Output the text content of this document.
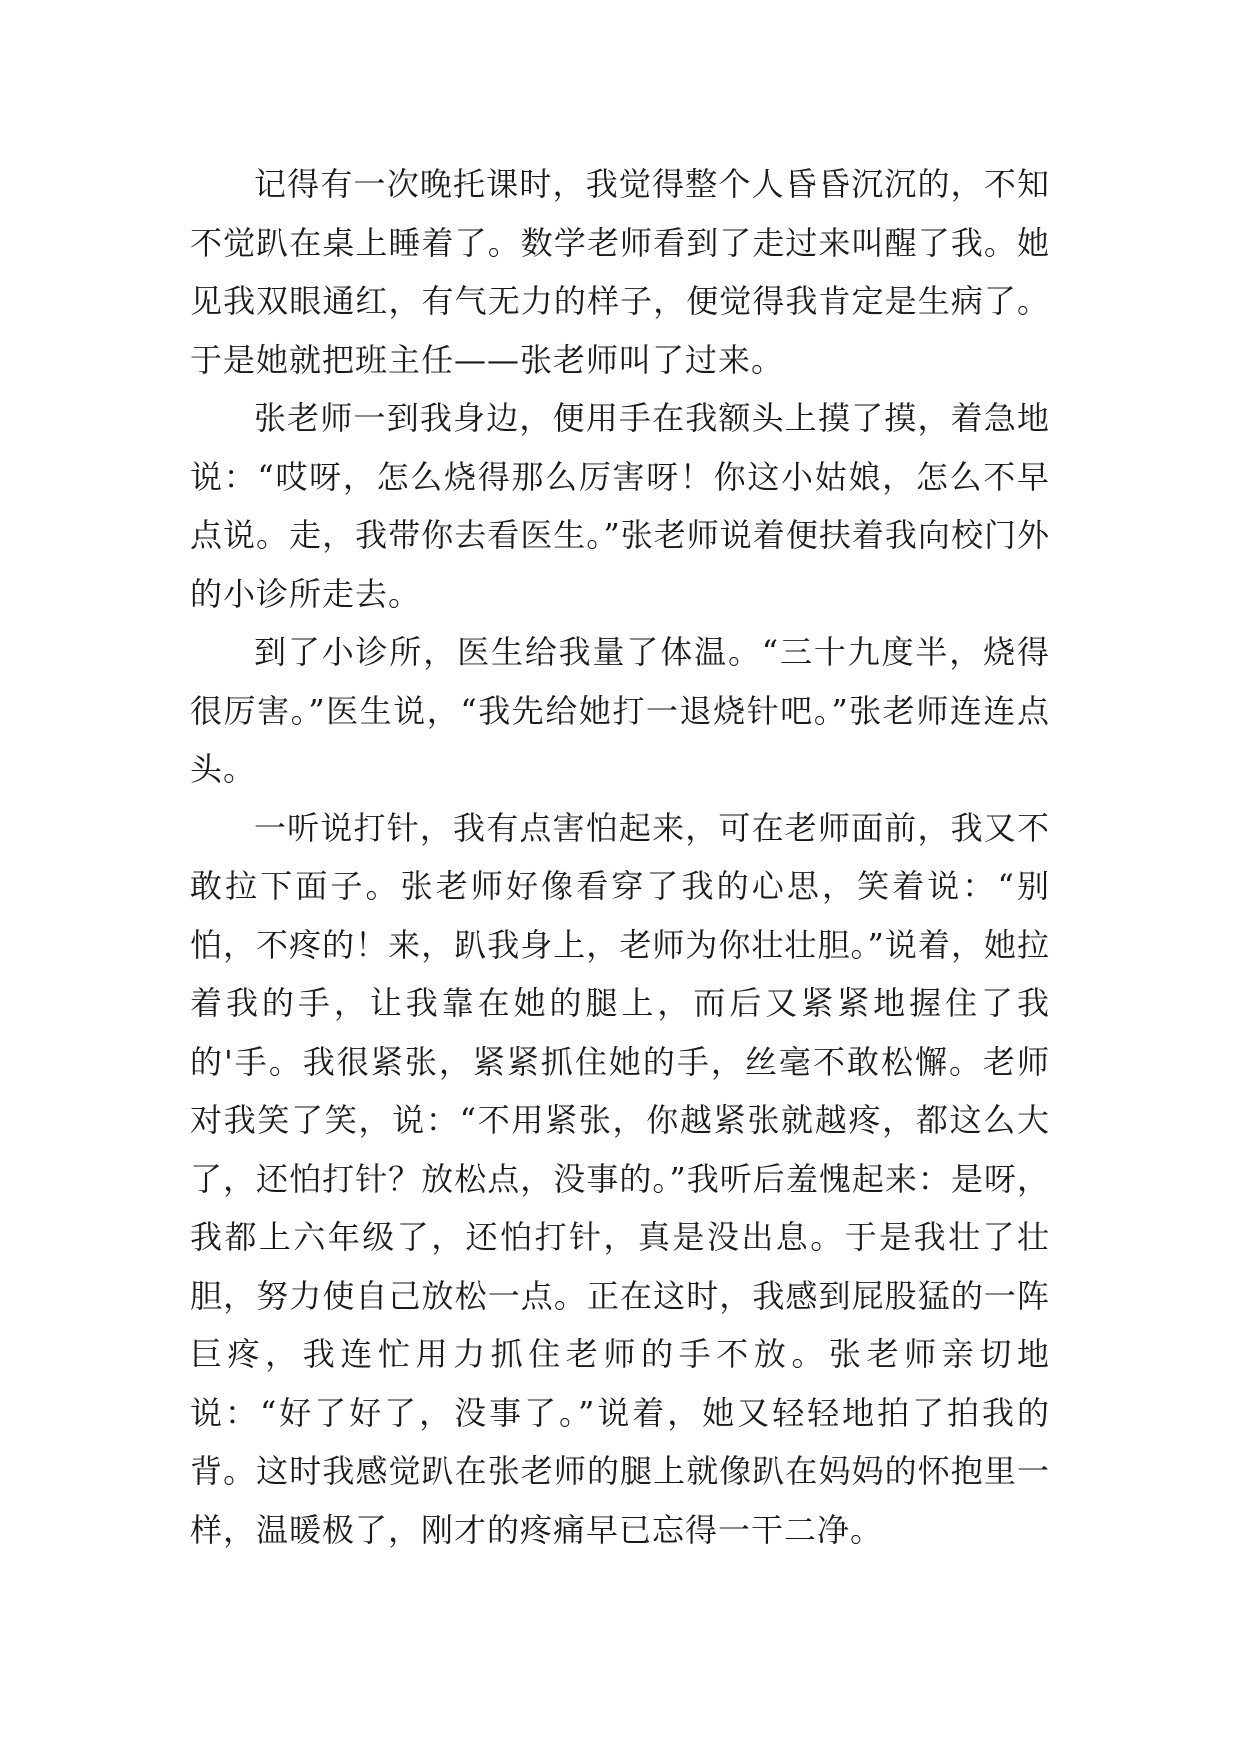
记得有一次晚托课时，我觉得整个人昏昏沉沉的，不知不觉趴在桌上睡着了。数学老师看到了走过来叫醒了我。她见我双眼通红，有气无力的样子，便觉得我肯定是生病了。于是她就把班主任——张老师叫了过来。

张老师一到我身边，便用手在我额头上摸了摸，着急地说：“哎呀，怎么烧得那么厉害呀！你这小姑娘，怎么不早点说。走，我带你去看医生。”张老师说着便扶着我向校门外的小诊所走去。

到了小诊所，医生给我量了体温。“三十九度半，烧得很厉害。”医生说，“我先给她打一退烧针吧。”张老师连连点头。

一听说打针，我有点害怕起来，可在老师面前，我又不敢拉下面子。张老师好像看穿了我的心思，笑着说：“别怕，不疼的！来，趴我身上，老师为你壮壮胆。”说着，她拉着我的手，让我靠在她的腿上，而后又紧紧地握住了我的'手。我很紧张，紧紧抓住她的手，丝毫不敢松懈。老师对我笑了笑，说：“不用紧张，你越紧张就越疼，都这么大了，还怕打针？放松点，没事的。”我听后羞愧起来：是呀，我都上六年级了，还怕打针，真是没出息。于是我壮了壮胆，努力使自己放松一点。正在这时，我感到屁股猛的一阵巨疼，我连忙用力抓住老师的手不放。张老师亲切地说：“好了好了，没事了。”说着，她又轻轻地拍了拍我的背。这时我感觉趴在张老师的腿上就像趴在妈妈的怀抱里一样，温暖极了，刚才的疼痛早已忘得一干二净。
